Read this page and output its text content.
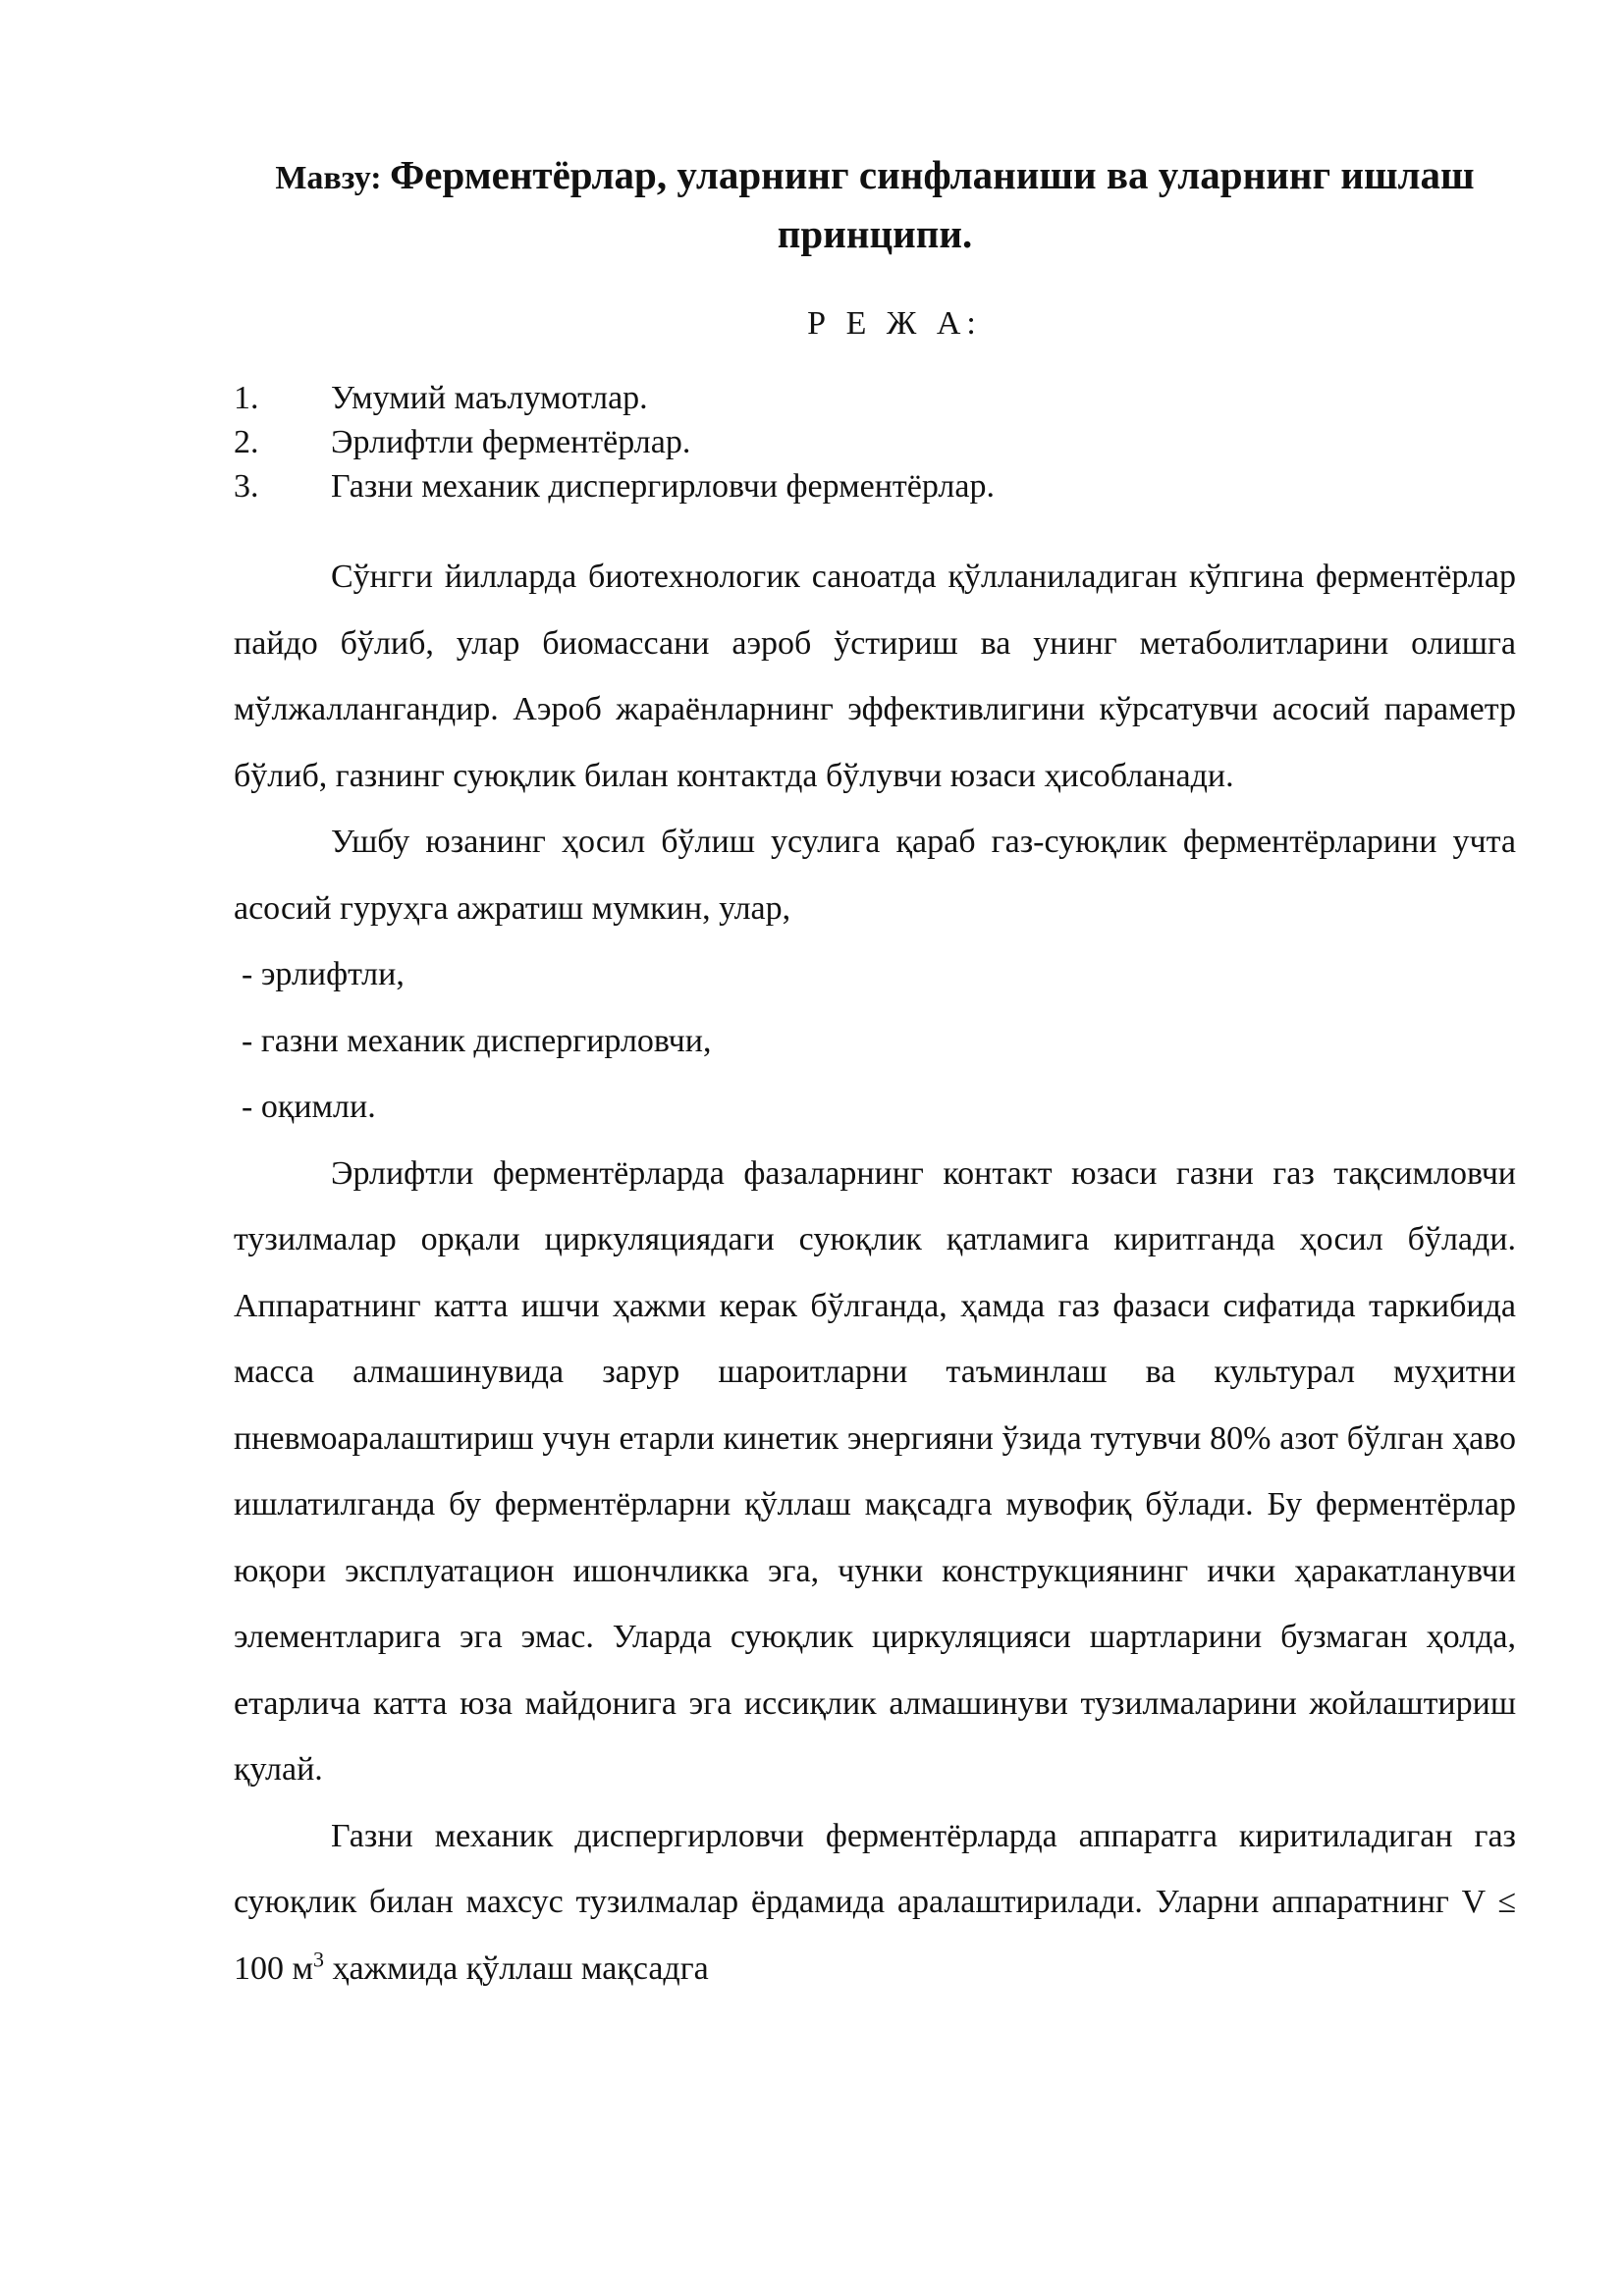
Мавзу: Ферментёрлар, уларнинг синфланиши ва уларнинг ишлаш принципи.
Р Е Ж А:
1.	Умумий маълумотлар.
2.	Эрлифтли ферментёрлар.
3.	Газни механик диспергирловчи ферментёрлар.

Сўнгги йилларда биотехнологик саноатда қўлланиладиган кўпгина ферментёрлар пайдо бўлиб, улар биомассани аэроб ўстириш ва унинг метаболитларини олишга мўлжаллангандир. Аэроб жараёнларнинг эффективлигини кўрсатувчи асосий параметр бўлиб, газнинг суюқлик билан контактда бўлувчи юзаси ҳисобланади.

Ушбу юзанинг ҳосил бўлиш усулига қараб газ-суюқлик ферментёрларини учта асосий гуруҳга ажратиш мумкин, улар,

- эрлифтли,

- газни механик диспергирловчи,

- оқимли.

Эрлифтли ферментёрларда фазаларнинг контакт юзаси газни газ тақсимловчи тузилмалар орқали циркуляциядаги суюқлик қатламига киритганда ҳосил бўлади. Аппаратнинг катта ишчи ҳажми керак бўлганда, ҳамда газ фазаси сифатида таркибида масса алмашинувида зарур шароитларни таъминлаш ва культурал муҳитни пневмоаралаштириш учун етарли кинетик энергияни ўзида тутувчи 80% азот бўлган ҳаво ишлатилганда бу ферментёрларни қўллаш мақсадга мувофиқ бўлади. Бу ферментёрлар юқори эксплуатацион ишончликка эга, чунки конструкциянинг ички ҳаракатланувчи элементларига эга эмас. Уларда суюқлик циркуляцияси шартларини бузмаган ҳолда, етарлича катта юза майдонига эга иссиқлик алмашинуви тузилмаларини жойлаштириш қулай.

Газни механик диспергирловчи ферментёрларда аппаратга киритиладиган газ суюқлик билан махсус тузилмалар ёрдамида аралаштирилади. Уларни аппаратнинг V ≤ 100 $м^3$ ҳажмида қўллаш мақсадга
